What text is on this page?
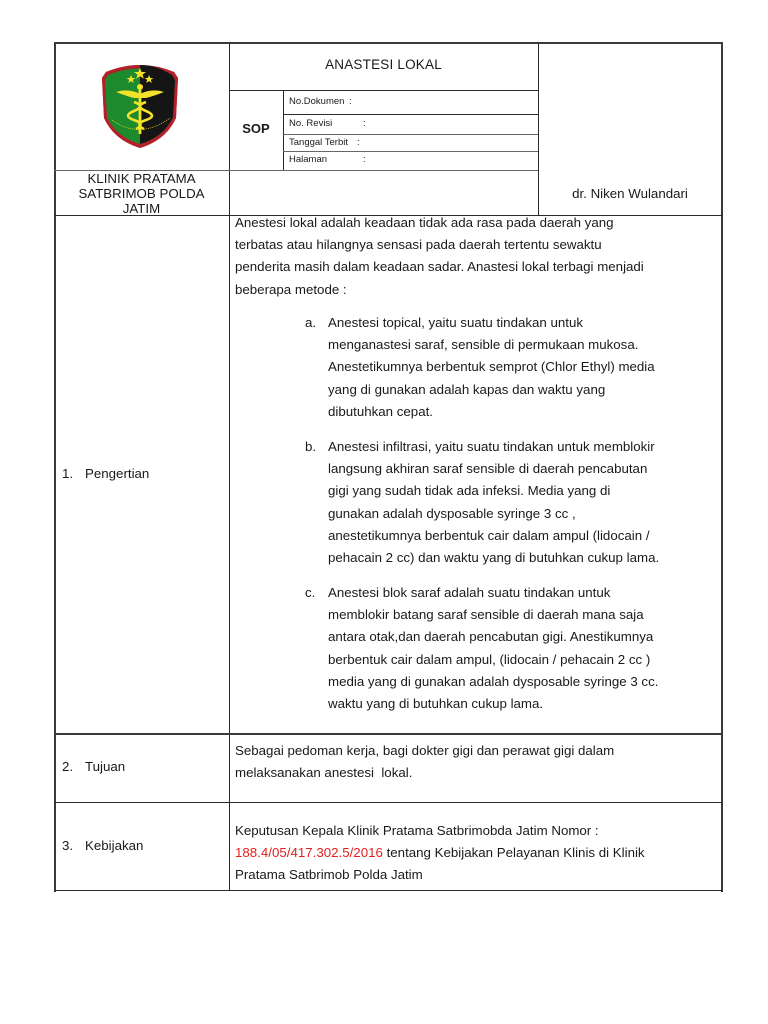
ANASTESI LOKAL
SOP
No.Dokumen :
No. Revisi	:
Tanggal Terbit :
Halaman	:
KLINIK PRATAMA
SATBRIMOB POLDA
JATIM
dr. Niken Wulandari
1. Pengertian
Anestesi lokal adalah keadaan tidak ada rasa pada daerah yang
terbatas atau hilangnya sensasi pada daerah tertentu sewaktu
penderita masih dalam keadaan sadar. Anastesi lokal terbagi menjadi
beberapa metode :
a. Anestesi topical, yaitu suatu tindakan untuk
menganastesi saraf, sensible di permukaan mukosa.
Anestetikumnya berbentuk semprot (Chlor Ethyl) media
yang di gunakan adalah kapas dan waktu yang
dibutuhkan cepat.
b. Anestesi infiltrasi, yaitu suatu tindakan untuk memblokir
langsung akhiran saraf sensible di daerah pencabutan
gigi yang sudah tidak ada infeksi. Media yang di
gunakan adalah dysposable syringe 3 cc ,
anestetikumnya berbentuk cair dalam ampul (lidocain /
pehacain 2 cc) dan waktu yang di butuhkan cukup lama.
c. Anestesi blok saraf adalah suatu tindakan untuk
memblokir batang saraf sensible di daerah mana saja
antara otak,dan daerah pencabutan gigi. Anestikumnya
berbentuk cair dalam ampul, (lidocain / pehacain 2 cc )
media yang di gunakan adalah dysposable syringe 3 cc.
waktu yang di butuhkan cukup lama.
2. Tujuan
Sebagai pedoman kerja, bagi dokter gigi dan perawat gigi dalam
melaksanakan anestesi  lokal.
3. Kebijakan
Keputusan Kepala Klinik Pratama Satbrimobda Jatim Nomor :
188.4/05/417.302.5/2016 tentang Kebijakan Pelayanan Klinis di Klinik
Pratama Satbrimob Polda Jatim
